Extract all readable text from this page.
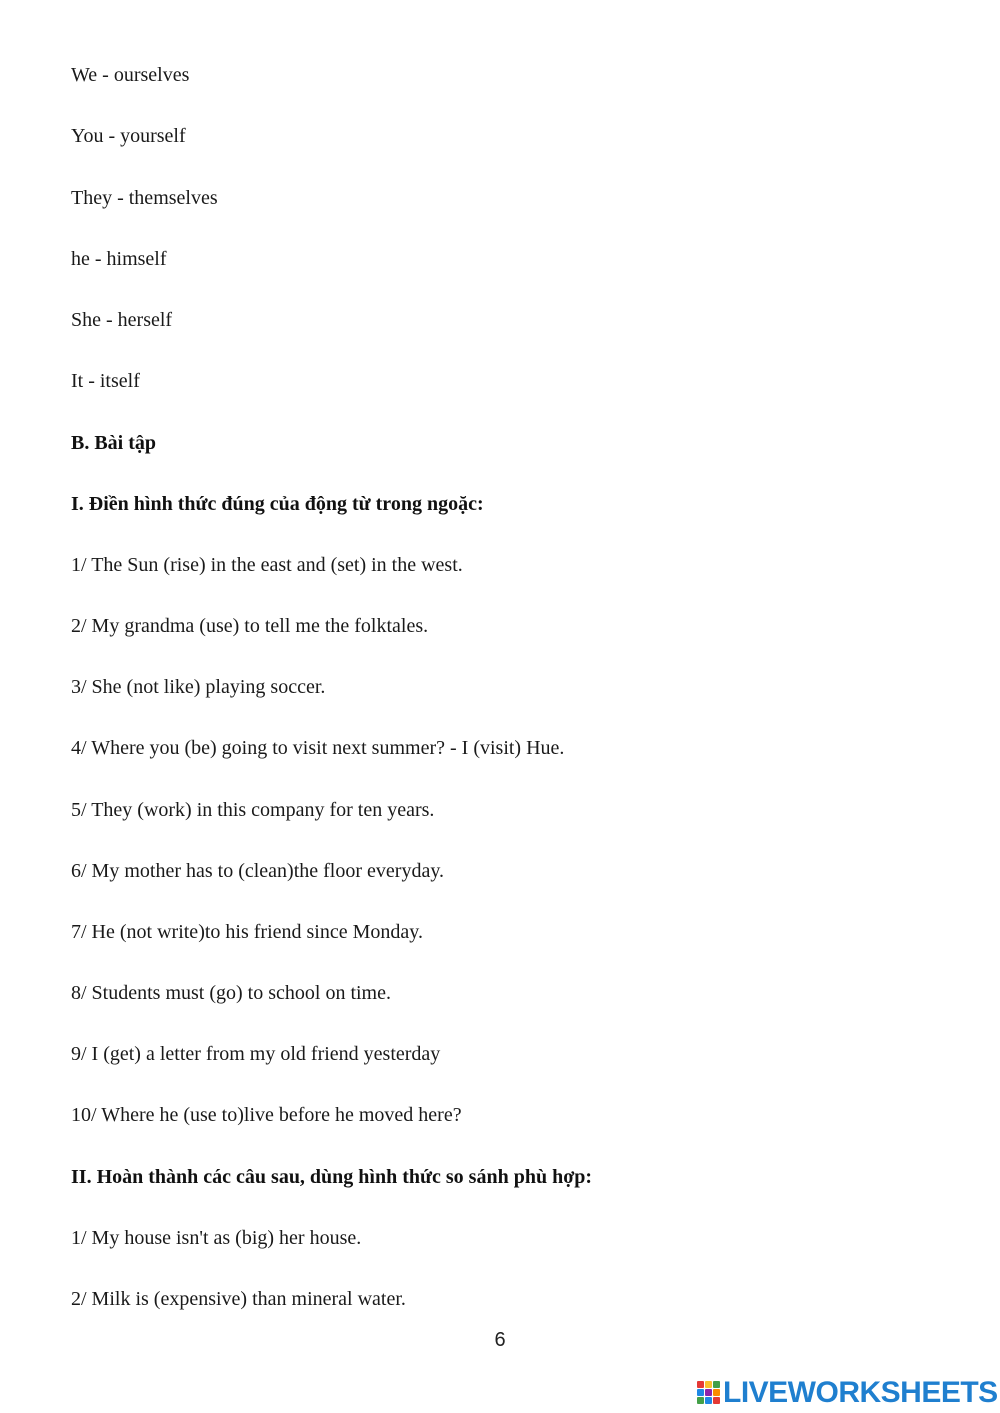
We - ourselves
You - yourself
They - themselves
he - himself
She - herself
It - itself
B. Bài tập
I. Điền hình thức đúng của động từ trong ngoặc:
1/ The Sun (rise) in the east and (set) in the west.
2/ My grandma (use) to tell me the folktales.
3/ She (not like) playing soccer.
4/ Where you (be) going to visit next summer? - I (visit) Hue.
5/ They (work) in this company for ten years.
6/ My mother has to (clean)the floor everyday.
7/ He (not write)to his friend since Monday.
8/ Students must (go) to school on time.
9/ I (get) a letter from my old friend yesterday
10/ Where he (use to)live before he moved here?
II. Hoàn thành các câu sau, dùng hình thức so sánh phù hợp:
1/ My house isn't as (big) her house.
2/ Milk is (expensive) than mineral water.
6
LIVEWORKSHEETS
